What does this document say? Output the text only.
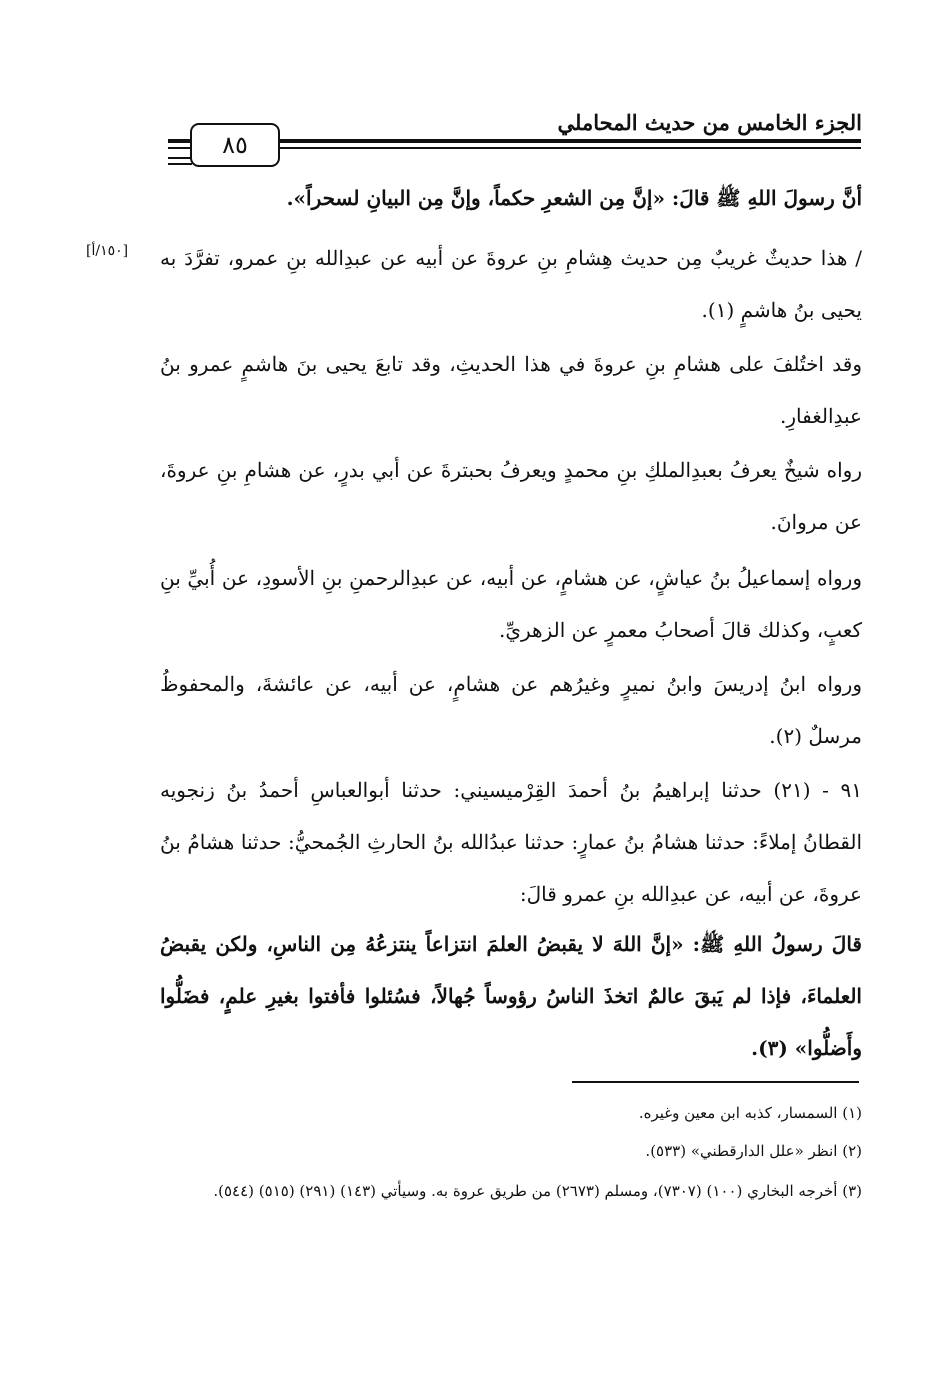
٨٥
الجزء الخامس من حديث المحاملي
[١٥٠/أ]
أنَّ رسولَ اللهِ ﷺ قالَ: «إنَّ مِن الشعرِ حكماً، وإنَّ مِن البيانِ لسحراً».
/ هذا حديثٌ غريبٌ مِن حديث هِشامِ بنِ عروةَ عن أبيه عن عبدِالله بنِ عمرو، تفرَّدَ به يحيى بنُ هاشمٍ (١).
وقد اختُلفَ على هشامِ بنِ عروةَ في هذا الحديثِ، وقد تابعَ يحيى بنَ هاشمٍ عمرو بنُ عبدِالغفارِ.
رواه شيخٌ يعرفُ بعبدِالملكِ بنِ محمدٍ ويعرفُ بحبترةَ عن أبي بدرٍ، عن هشامِ بنِ عروةَ، عن مروانَ.
ورواه إسماعيلُ بنُ عياشٍ، عن هشامٍ، عن أبيه، عن عبدِالرحمنِ بنِ الأسودِ، عن أُبيِّ بنِ كعبٍ، وكذلك قالَ أصحابُ معمرٍ عن الزهريِّ.
ورواه ابنُ إدريسَ وابنُ نميرٍ وغيرُهم عن هشامٍ، عن أبيه، عن عائشةَ، والمحفوظُ مرسلٌ (٢).
٩١ - (٢١) حدثنا إبراهيمُ بنُ أحمدَ القِرْميسيني: حدثنا أبوالعباسِ أحمدُ بنُ زنجويه القطانُ إملاءً: حدثنا هشامُ بنُ عمارٍ: حدثنا عبدُالله بنُ الحارثِ الجُمحيُّ: حدثنا هشامُ بنُ عروةَ، عن أبيه، عن عبدِالله بنِ عمرو قالَ:
قالَ رسولُ اللهِ ﷺ: «إنَّ اللهَ لا يقبضُ العلمَ انتزاعاً ينتزعُهُ مِن الناسِ، ولكن يقبضُ العلماءَ، فإذا لم يَبقَ عالمٌ اتخذَ الناسُ رؤوساً جُهالاً، فسُئلوا فأفتوا بغيرِ علمٍ، فضَلُّوا وأَضلُّوا» (٣).
(١) السمسار، كذبه ابن معين وغيره.
(٢) انظر «علل الدارقطني» (٥٣٣).
(٣) أخرجه البخاري (١٠٠) (٧٣٠٧)، ومسلم (٢٦٧٣) من طريق عروة به. وسيأتي (١٤٣) (٢٩١) (٥١٥) (٥٤٤).
